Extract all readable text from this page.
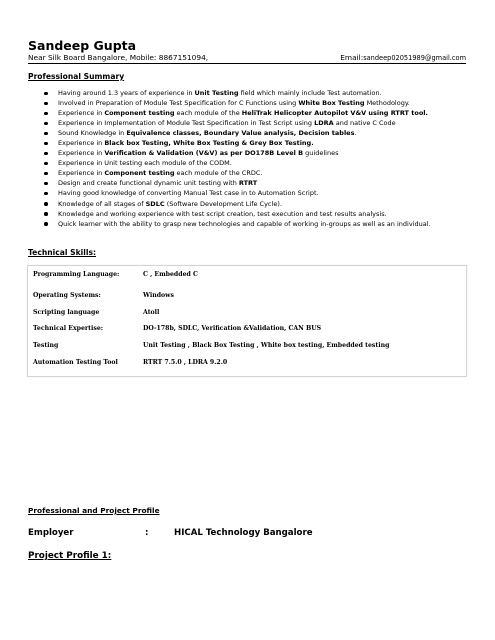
Sandeep Gupta
Near Silk Board Bangalore, Mobile: 8867151094,	Email:sandeep02051989@gmail.com
Professional Summary
Having around 1.3 years of experience in Unit Testing field which mainly include Test automation.
Involved in Preparation of Module Test Specification for C Functions using White Box Testing Methodology.
Experience in Component testing each module of the HeliTrak Helicopter Autopilot V&V using RTRT tool.
Experience in Implementation of Module Test Specification in Test Script using LDRA and native C Code
Sound Knowledge in Equivalence classes, Boundary Value analysis, Decision tables.
Experience in Black box Testing, White Box Testing & Grey Box Testing.
Experience in Verification & Validation (V&V) as per DO178B Level B guidelines
Experience in Unit testing each module of the CODM.
Experience in Component testing each module of the CRDC.
Design and create functional dynamic unit testing with RTRT
Having good knowledge of converting Manual Test case in to Automation Script.
Knowledge of all stages of SDLC (Software Development Life Cycle).
Knowledge and working experience with test script creation, test execution and test results analysis.
Quick learner with the ability to grasp new technologies and capable of working in-groups as well as an individual.
Technical Skills:
Programming Language:	C , Embedded C
Operating Systems:	Windows
Scripting language	Atoll
Technical Expertise:	DO-178b, SDLC, Verification &Validation, CAN BUS
Testing	Unit Testing , Black Box Testing , White box testing, Embedded testing
Automation Testing Tool	RTRT 7.5.0 , LDRA 9.2.0
Professional and Project Profile
Employer	:	HICAL Technology Bangalore
Project Profile 1:
